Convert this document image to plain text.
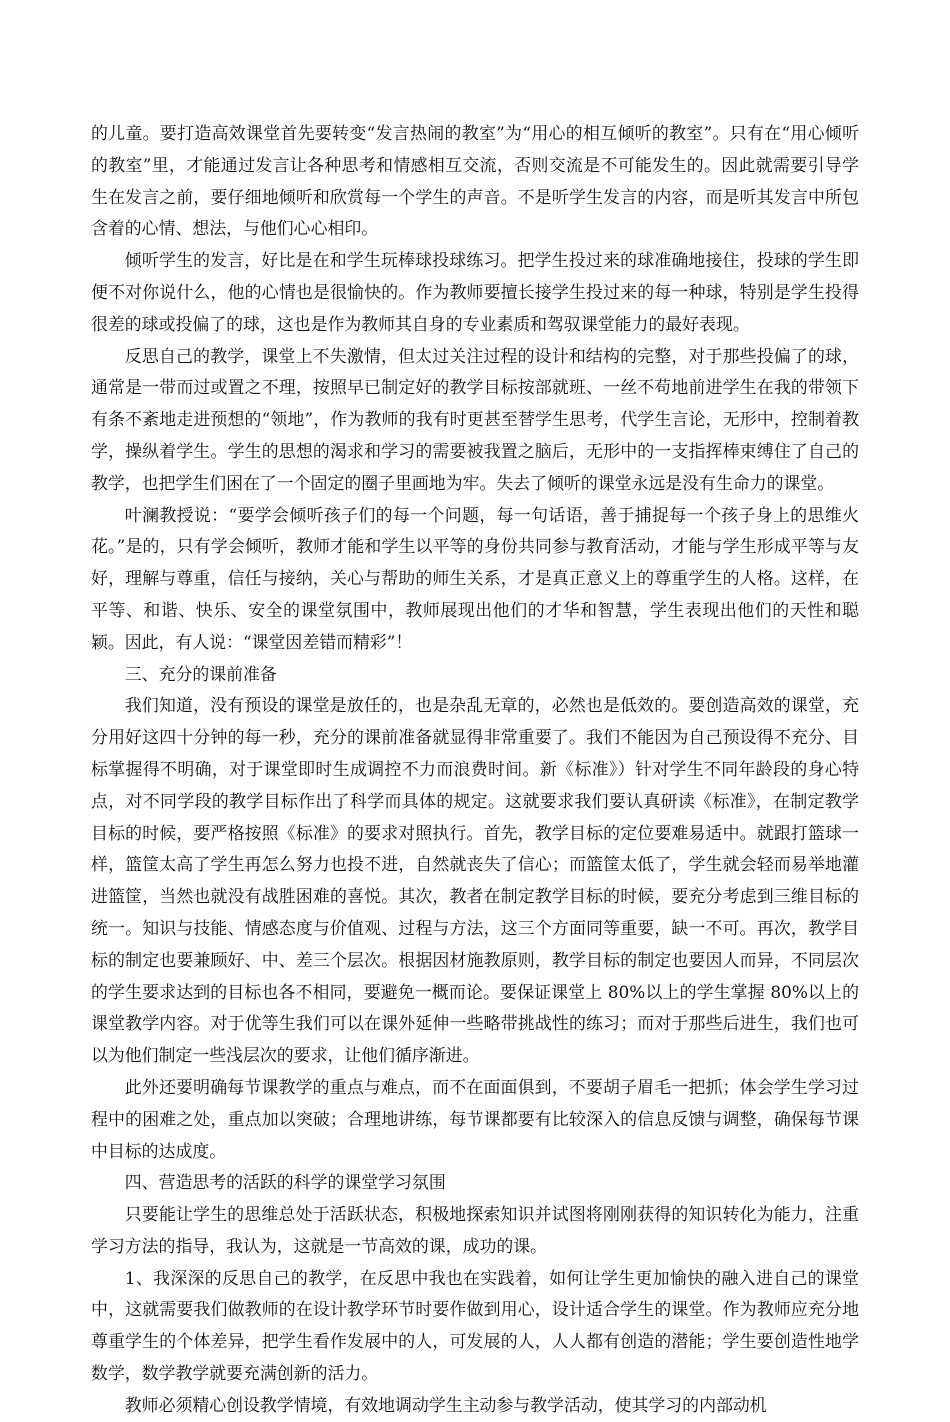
的儿童。要打造高效课堂首先要转变“发言热闹的教室”为“用心的相互倾听的教室”。只有在“用心倾听的教室”里，才能通过发言让各种思考和情感相互交流，否则交流是不可能发生的。因此就需要引导学生在发言之前，要仔细地倾听和欣赏每一个学生的声音。不是听学生发言的内容，而是听其发言中所包含着的心情、想法，与他们心心相印。

倾听学生的发言，好比是在和学生玩棒球投球练习。把学生投过来的球准确地接住，投球的学生即便不对你说什么，他的心情也是很愉快的。作为教师要擅长接学生投过来的每一种球，特别是学生投得很差的球或投偏了的球，这也是作为教师其自身的专业素质和驾驭课堂能力的最好表现。

反思自己的教学，课堂上不失激情，但太过关注过程的设计和结构的完整，对于那些投偏了的球，通常是一带而过或置之不理，按照早已制定好的教学目标按部就班、一丝不苟地前进学生在我的带领下有条不紊地走进预想的“领地”，作为教师的我有时更甚至替学生思考，代学生言论，无形中，控制着教学，操纵着学生。学生的思想的渴求和学习的需要被我置之脑后，无形中的一支指挥棒束缚住了自己的教学，也把学生们困在了一个固定的圈子里画地为牢。失去了倾听的课堂永远是没有生命力的课堂。

叶澜教授说：“要学会倾听孩子们的每一个问题，每一句话语，善于捕捉每一个孩子身上的思维火花。”是的，只有学会倾听，教师才能和学生以平等的身份共同参与教育活动，才能与学生形成平等与友好，理解与尊重，信任与接纳，关心与帮助的师生关系，才是真正意义上的尊重学生的人格。这样，在平等、和谐、快乐、安全的课堂氛围中，教师展现出他们的才华和智慧，学生表现出他们的天性和聪颖。因此，有人说：“课堂因差错而精彩”！

三、充分的课前准备

我们知道，没有预设的课堂是放任的，也是杂乱无章的，必然也是低效的。要创造高效的课堂，充分用好这四十分钟的每一秒，充分的课前准备就显得非常重要了。我们不能因为自己预设得不充分、目标掌握得不明确，对于课堂即时生成调控不力而浪费时间。新《标准》）针对学生不同年龄段的身心特点，对不同学段的教学目标作出了科学而具体的规定。这就要求我们要认真研读《标准》，在制定教学目标的时候，要严格按照《标准》的要求对照执行。首先，教学目标的定位要难易适中。就跟打篮球一样，篮筐太高了学生再怎么努力也投不进，自然就丧失了信心；而篮筐太低了，学生就会轻而易举地灌进篮筐，当然也就没有战胜困难的喜悦。其次，教者在制定教学目标的时候，要充分考虑到三维目标的统一。知识与技能、情感态度与价值观、过程与方法，这三个方面同等重要，缺一不可。再次，教学目标的制定也要兼顾好、中、差三个层次。根据因材施教原则，教学目标的制定也要因人而异，不同层次的学生要求达到的目标也各不相同，要避免一概而论。要保证课堂上 80%以上的学生掌握 80%以上的课堂教学内容。对于优等生我们可以在课外延伸一些略带挑战性的练习；而对于那些后进生，我们也可以为他们制定一些浅层次的要求，让他们循序渐进。

此外还要明确每节课教学的重点与难点，而不在面面俱到，不要胡子眉毛一把抓；体会学生学习过程中的困难之处，重点加以突破；合理地讲练，每节课都要有比较深入的信息反馈与调整，确保每节课中目标的达成度。

四、营造思考的活跃的科学的课堂学习氛围

只要能让学生的思维总处于活跃状态，积极地探索知识并试图将刚刚获得的知识转化为能力，注重学习方法的指导，我认为，这就是一节高效的课，成功的课。

1、我深深的反思自己的教学，在反思中我也在实践着，如何让学生更加愉快的融入进自己的课堂中，这就需要我们做教师的在设计教学环节时要作做到用心，设计适合学生的课堂。作为教师应充分地尊重学生的个体差异，把学生看作发展中的人，可发展的人，人人都有创造的潜能；学生要创造性地学数学，数学教学就要充满创新的活力。

教师必须精心创设教学情境，有效地调动学生主动参与教学活动，使其学习的内部动机
